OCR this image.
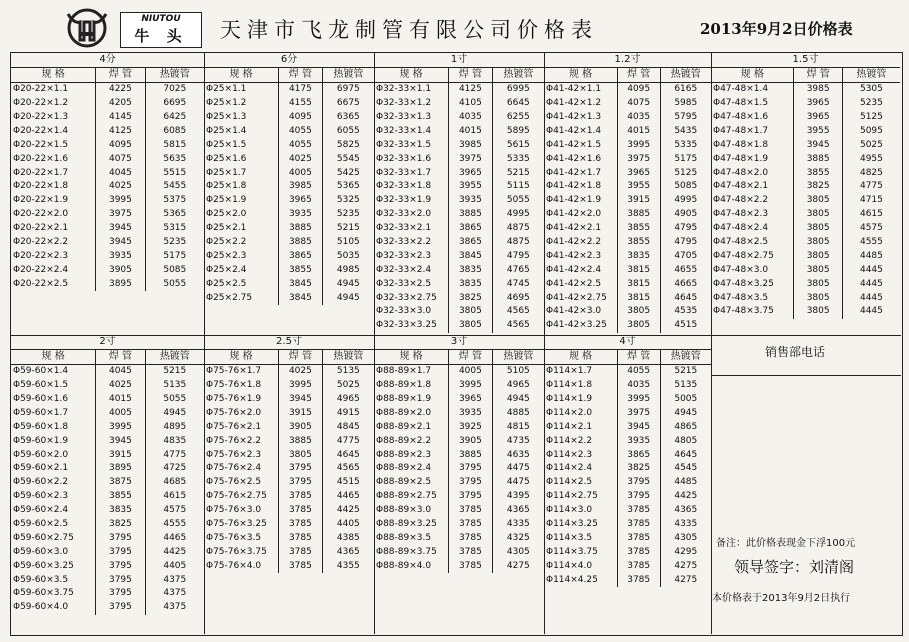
NIUTOU
牛 头	天津市飞龙制管有限公司价格表	2013年9月2日价格表
4分		
规 格	焊 管	热镀管
Φ20-22×1.1	4225	7025
Φ20-22×1.2	4205	6695
Φ20-22×1.3	4145	6425
Φ20-22×1.4	4125	6085
Φ20-22×1.5	4095	5815
Φ20-22×1.6	4075	5635
Φ20-22×1.7	4045	5515
Φ20-22×1.8	4025	5455
Φ20-22×1.9	3995	5375
Φ20-22×2.0	3975	5365
Φ20-22×2.1	3945	5315
Φ20-22×2.2	3945	5235
Φ20-22×2.3	3935	5175
Φ20-22×2.4	3905	5085
Φ20-22×2.5	3895	5055
6分		
规 格	焊 管	热镀管
Φ25×1.1	4175	6975
Φ25×1.2	4155	6675
Φ25×1.3	4095	6365
Φ25×1.4	4055	6055
Φ25×1.5	4055	5825
Φ25×1.6	4025	5545
Φ25×1.7	4005	5425
Φ25×1.8	3985	5365
Φ25×1.9	3965	5325
Φ25×2.0	3935	5235
Φ25×2.1	3885	5215
Φ25×2.2	3885	5105
Φ25×2.3	3865	5035
Φ25×2.4	3855	4985
Φ25×2.5	3845	4945
Φ25×2.75	3845	4945
1寸		
规 格	焊 管	热镀管
Φ32-33×1.1	4125	6995
Φ32-33×1.2	4105	6645
Φ32-33×1.3	4035	6255
Φ32-33×1.4	4015	5895
Φ32-33×1.5	3985	5615
Φ32-33×1.6	3975	5335
Φ32-33×1.7	3965	5215
Φ32-33×1.8	3955	5115
Φ32-33×1.9	3935	5055
Φ32-33×2.0	3885	4995
Φ32-33×2.1	3865	4875
Φ32-33×2.2	3865	4875
Φ32-33×2.3	3845	4795
Φ32-33×2.4	3835	4765
Φ32-33×2.5	3835	4745
Φ32-33×2.75	3825	4695
Φ32-33×3.0	3805	4565
Φ32-33×3.25	3805	4565
1.2寸		
规 格	焊 管	热镀管
Φ41-42×1.1	4095	6165
Φ41-42×1.2	4075	5985
Φ41-42×1.3	4035	5795
Φ41-42×1.4	4015	5435
Φ41-42×1.5	3995	5335
Φ41-42×1.6	3975	5175
Φ41-42×1.7	3965	5125
Φ41-42×1.8	3955	5085
Φ41-42×1.9	3915	4995
Φ41-42×2.0	3885	4905
Φ41-42×2.1	3855	4795
Φ41-42×2.2	3855	4795
Φ41-42×2.3	3835	4705
Φ41-42×2.4	3815	4655
Φ41-42×2.5	3815	4665
Φ41-42×2.75	3815	4645
Φ41-42×3.0	3805	4535
Φ41-42×3.25	3805	4515
1.5寸		
规 格	焊 管	热镀管
Φ47-48×1.4	3985	5305
Φ47-48×1.5	3965	5235
Φ47-48×1.6	3965	5125
Φ47-48×1.7	3955	5095
Φ47-48×1.8	3945	5025
Φ47-48×1.9	3885	4955
Φ47-48×2.0	3855	4825
Φ47-48×2.1	3825	4775
Φ47-48×2.2	3805	4715
Φ47-48×2.3	3805	4615
Φ47-48×2.4	3805	4575
Φ47-48×2.5	3805	4555
Φ47-48×2.75	3805	4485
Φ47-48×3.0	3805	4445
Φ47-48×3.25	3805	4445
Φ47-48×3.5	3805	4445
Φ47-48×3.75	3805	4445
2寸		
规 格	焊 管	热镀管
Φ59-60×1.4	4045	5215
Φ59-60×1.5	4025	5135
Φ59-60×1.6	4015	5055
Φ59-60×1.7	4005	4945
Φ59-60×1.8	3995	4895
Φ59-60×1.9	3945	4835
Φ59-60×2.0	3915	4775
Φ59-60×2.1	3895	4725
Φ59-60×2.2	3875	4685
Φ59-60×2.3	3855	4615
Φ59-60×2.4	3835	4575
Φ59-60×2.5	3825	4555
Φ59-60×2.75	3795	4465
Φ59-60×3.0	3795	4425
Φ59-60×3.25	3795	4405
Φ59-60×3.5	3795	4375
Φ59-60×3.75	3795	4375
Φ59-60×4.0	3795	4375
2.5寸		
规 格	焊 管	热镀管
Φ75-76×1.7	4025	5135
Φ75-76×1.8	3995	5025
Φ75-76×1.9	3945	4965
Φ75-76×2.0	3915	4915
Φ75-76×2.1	3905	4845
Φ75-76×2.2	3885	4775
Φ75-76×2.3	3805	4645
Φ75-76×2.4	3795	4565
Φ75-76×2.5	3795	4515
Φ75-76×2.75	3785	4465
Φ75-76×3.0	3785	4425
Φ75-76×3.25	3785	4405
Φ75-76×3.5	3785	4385
Φ75-76×3.75	3785	4365
Φ75-76×4.0	3785	4355
3寸		
规 格	焊 管	热镀管
Φ88-89×1.7	4005	5105
Φ88-89×1.8	3995	4965
Φ88-89×1.9	3965	4945
Φ88-89×2.0	3935	4885
Φ88-89×2.1	3925	4815
Φ88-89×2.2	3905	4735
Φ88-89×2.3	3885	4635
Φ88-89×2.4	3795	4475
Φ88-89×2.5	3795	4475
Φ88-89×2.75	3795	4395
Φ88-89×3.0	3785	4365
Φ88-89×3.25	3785	4335
Φ88-89×3.5	3785	4325
Φ88-89×3.75	3785	4305
Φ88-89×4.0	3785	4275
4寸		
规 格	焊 管	热镀管
Φ114×1.7	4055	5215
Φ114×1.8	4035	5135
Φ114×1.9	3995	5005
Φ114×2.0	3975	4945
Φ114×2.1	3945	4865
Φ114×2.2	3935	4805
Φ114×2.3	3865	4645
Φ114×2.4	3825	4545
Φ114×2.5	3795	4485
Φ114×2.75	3795	4425
Φ114×3.0	3785	4365
Φ114×3.25	3785	4335
Φ114×3.5	3785	4305
Φ114×3.75	3785	4295
Φ114×4.0	3785	4275
Φ114×4.25	3785	4275
销售部电话
备注：此价格表现金下浮100元
领导签字：刘清阁
本价格表于2013年9月2日执行
